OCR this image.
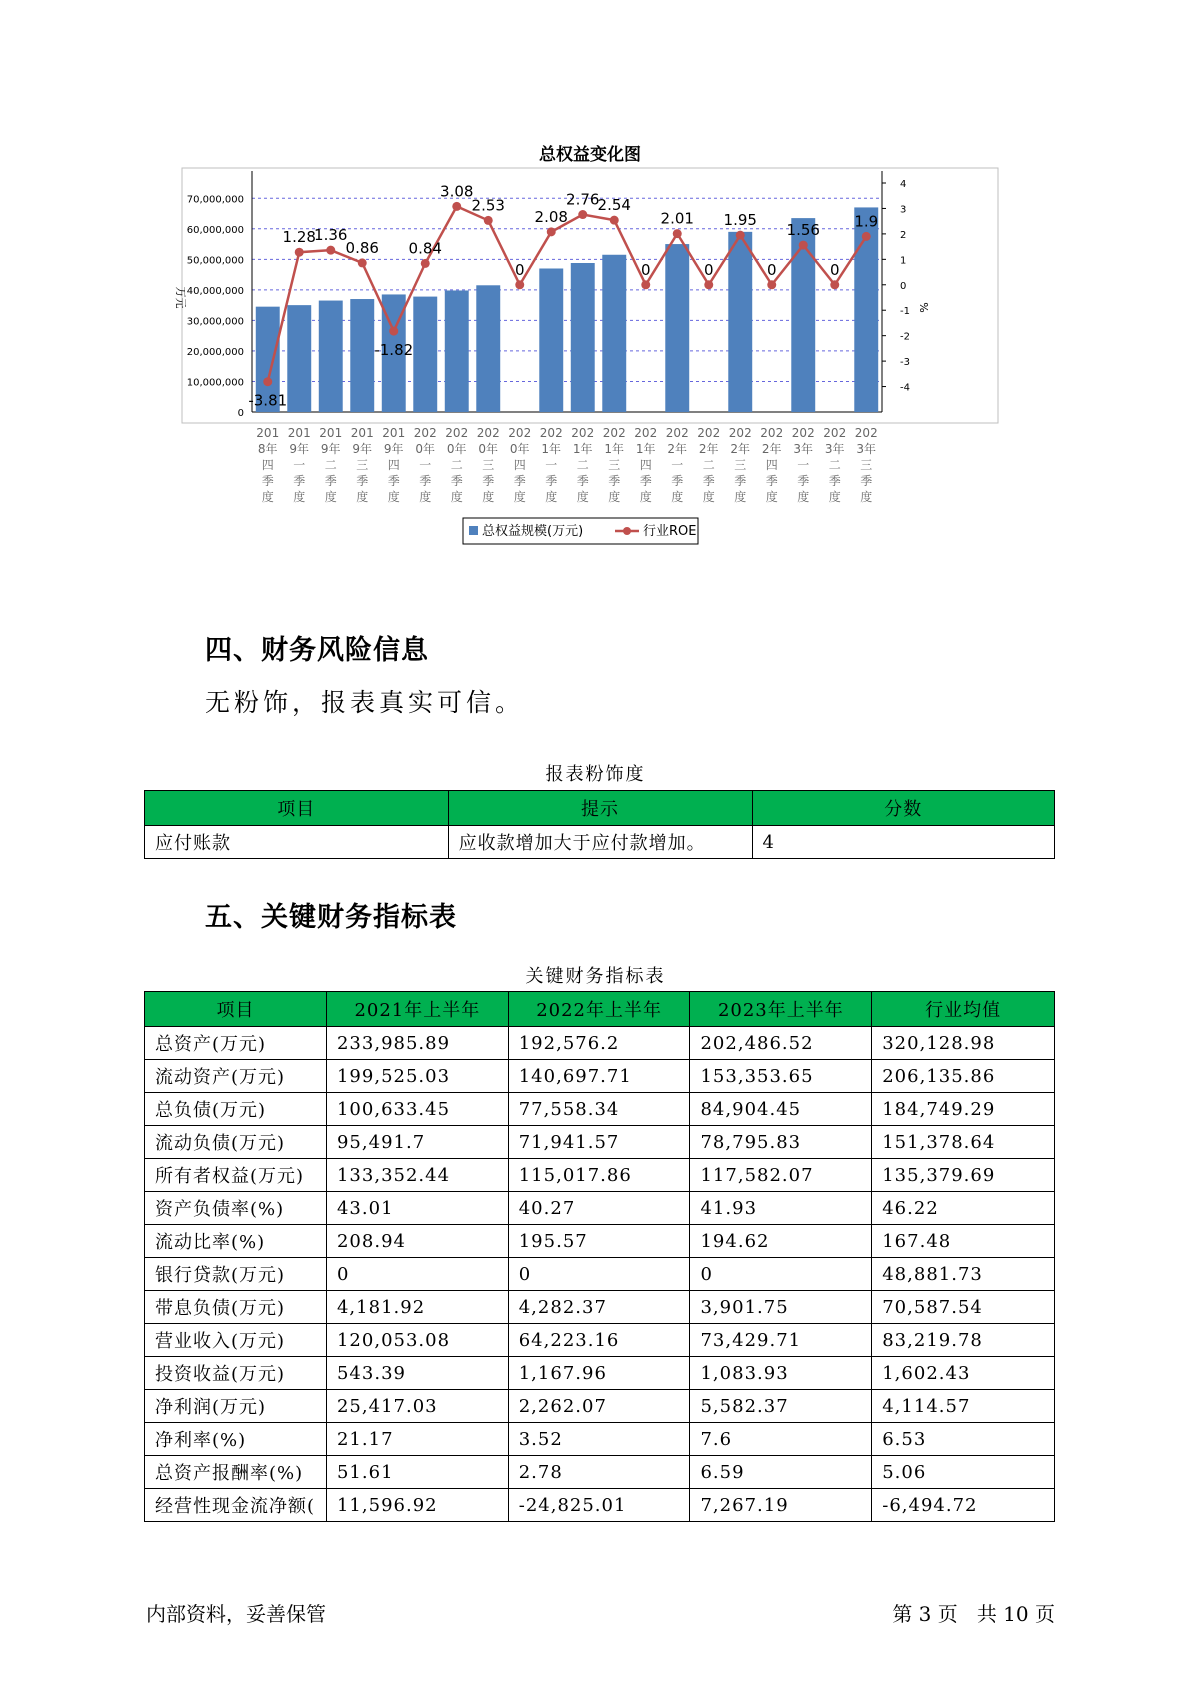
总权益变化图
70,000,000
60,000,000
50,000,000
40,000,000
30,000,000
20,000,000
10,000,000
0
4
3
2
1
0
-1
-2
-3
-4
万元	%
-3.81
1.28
1.36
0.86
-1.82
0.84
3.08
2.53
0
2.08
2.76
2.54
0
2.01
0
1.95
0
1.56
0
1.9
201
8年
四
季
度
201
9年
一
季
度
201
9年
二
季
度
201
9年
三
季
度
201
9年
四
季
度
202
0年
一
季
度
202
0年
二
季
度
202
0年
三
季
度
202
0年
四
季
度
202
1年
一
季
度
202
1年
二
季
度
202
1年
三
季
度
202
1年
四
季
度
202
2年
一
季
度
202
2年
二
季
度
202
2年
三
季
度
202
2年
四
季
度
202
3年
一
季
度
202
3年
二
季
度
202
3年
三
季
度
总权益规模(万元)	行业ROE
四、财务风险信息
无粉饰，报表真实可信。
报表粉饰度
项目	提示	分数
应付账款	应收款增加大于应付款增加。	4
五、关键财务指标表
关键财务指标表
项目	2021年上半年	2022年上半年	2023年上半年	行业均值
总资产(万元)	233,985.89	192,576.2	202,486.52	320,128.98
流动资产(万元)	199,525.03	140,697.71	153,353.65	206,135.86
总负债(万元)	100,633.45	77,558.34	84,904.45	184,749.29
流动负债(万元)	95,491.7	71,941.57	78,795.83	151,378.64
所有者权益(万元)	133,352.44	115,017.86	117,582.07	135,379.69
资产负债率(%)	43.01	40.27	41.93	46.22
流动比率(%)	208.94	195.57	194.62	167.48
银行贷款(万元)	0	0	0	48,881.73
带息负债(万元)	4,181.92	4,282.37	3,901.75	70,587.54
营业收入(万元)	120,053.08	64,223.16	73,429.71	83,219.78
投资收益(万元)	543.39	1,167.96	1,083.93	1,602.43
净利润(万元)	25,417.03	2,262.07	5,582.37	4,114.57
净利率(%)	21.17	3.52	7.6	6.53
总资产报酬率(%)	51.61	2.78	6.59	5.06
经营性现金流净额(	11,596.92	-24,825.01	7,267.19	-6,494.72
内部资料，妥善保管	第 3 页   共 10 页
